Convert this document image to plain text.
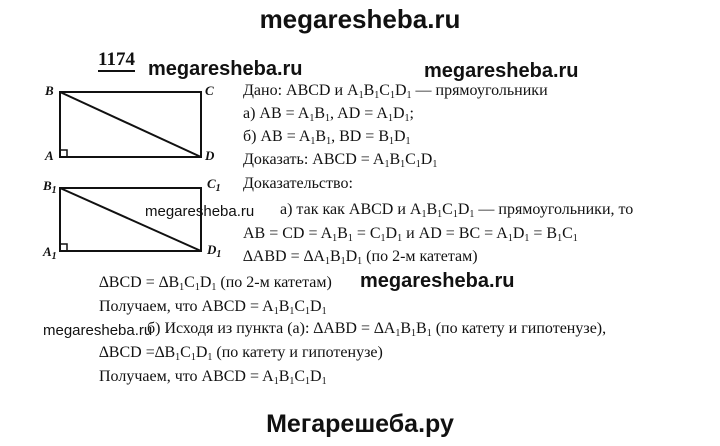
megaresheba.ru
Мегарешеба.ру
megaresheba.ru	megaresheba.ru
megaresheba.ru
megaresheba.ru
megaresheba.ru
1174
B	C
A	D
$B_1$	$C_1$
$A_1$	$D_1$
Дано: ABCD и $A_1B_1C_1D_1$ — прямоугольники
а) AB = $A_1B_1$, AD = $A_1D_1$;
б) AB = $A_1B_1$, BD = $B_1D_1$
Доказать: ABCD = $A_1B_1C_1D_1$
Доказательство:
а) так как ABCD и $A_1B_1C_1D_1$ — прямоугольники, то
AB = CD = $A_1B_1 = C_1D_1$ и AD = BC = $A_1D_1 = B_1C_1$
$\Delta ABD = \Delta A_1B_1D_1$ (по 2-м катетам)
$\Delta BCD = \Delta B_1C_1D_1$ (по 2-м катетам)
Получаем, что ABCD = $A_1B_1C_1D_1$
б) Исходя из пункта (а): $\Delta ABD = \Delta A_1B_1B_1$ (по катету и гипотенузе),
$\Delta BCD =\Delta B_1C_1D_1$ (по катету и гипотенузе)
Получаем, что ABCD = $A_1B_1C_1D_1$
